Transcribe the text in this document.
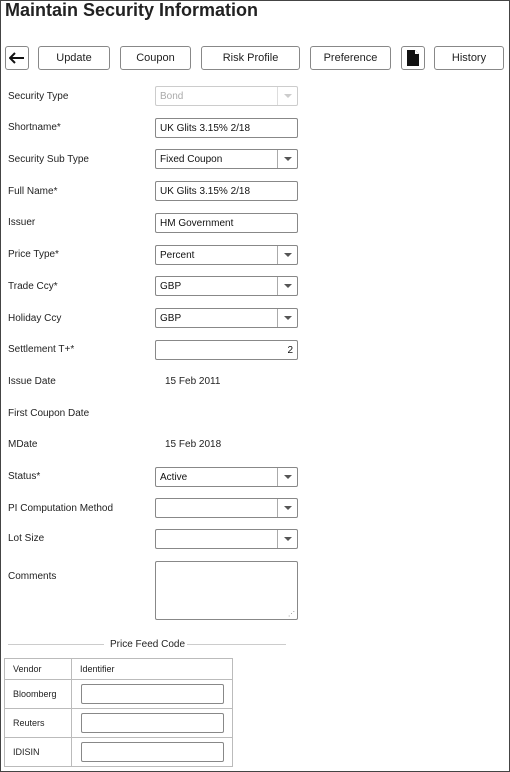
Maintain Security Information
Update	Coupon	Risk Profile	Preference	History
Security Type	Bond
Shortname*	UK Glits 3.15% 2/18
Security Sub Type	Fixed Coupon
Full Name*	UK Glits 3.15% 2/18
Issuer	HM Government
Price Type*	Percent
Trade Ccy*	GBP
Holiday Ccy	GBP
Settlement T+*	2
Issue Date	15 Feb 2011
First Coupon Date
MDate	15 Feb 2018
Status*	Active
PI Computation Method
Lot Size
Comments
⋰
Price Feed Code
Vendor	Identifier
Bloomberg	

Reuters	

IDISIN	
